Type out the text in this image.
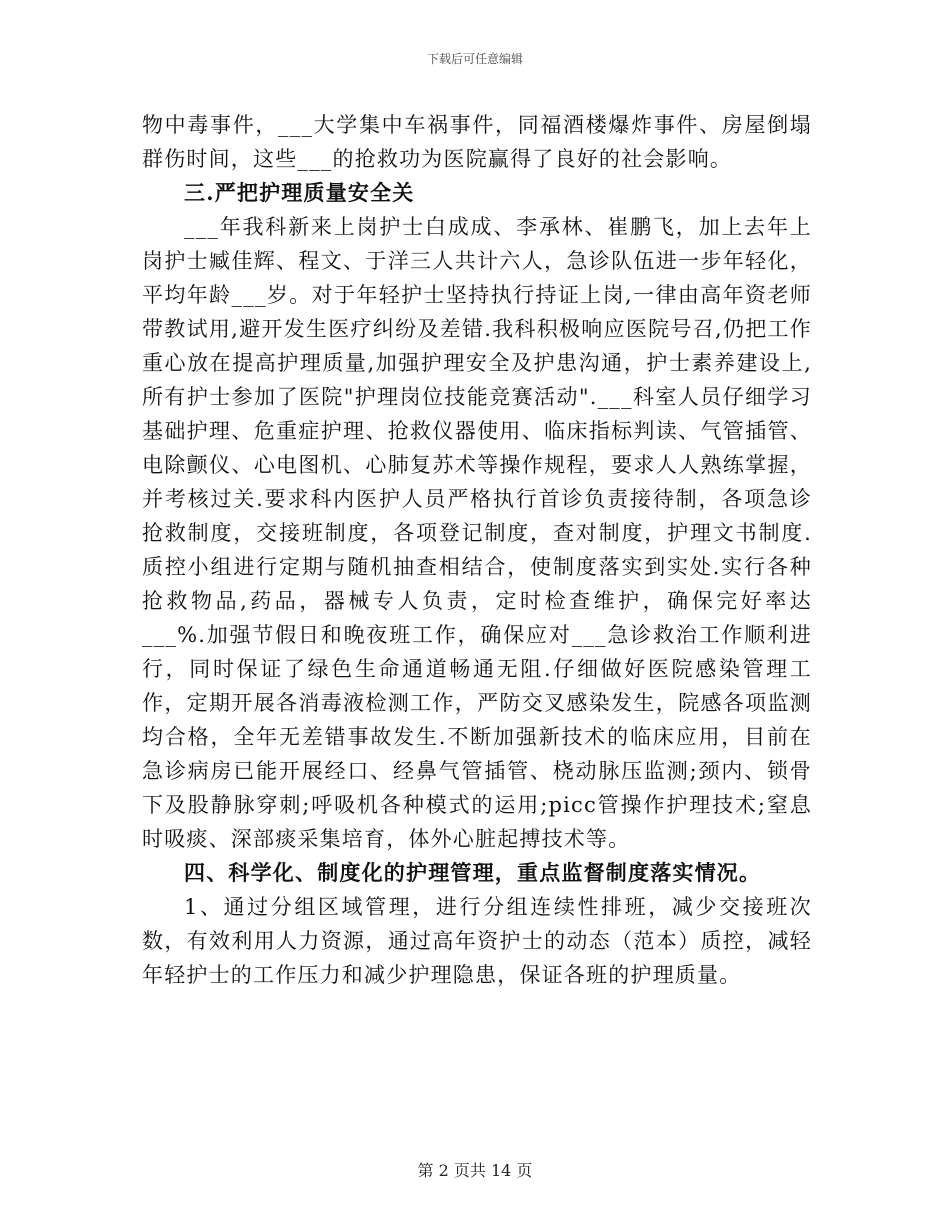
下载后可任意编辑

物中毒事件，___大学集中车祸事件，同福酒楼爆炸事件、房屋倒塌群伤时间，这些___的抢救功为医院赢得了良好的社会影响。

三.严把护理质量安全关

___年我科新来上岗护士白成成、李承林、崔鹏飞，加上去年上岗护士臧佳辉、程文、于洋三人共计六人，急诊队伍进一步年轻化，平均年龄___岁。对于年轻护士坚持执行持证上岗,一律由高年资老师带教试用,避开发生医疗纠纷及差错.我科积极响应医院号召,仍把工作重心放在提高护理质量,加强护理安全及护患沟通，护士素养建设上,所有护士参加了医院"护理岗位技能竞赛活动".___科室人员仔细学习基础护理、危重症护理、抢救仪器使用、临床指标判读、气管插管、电除颤仪、心电图机、心肺复苏术等操作规程，要求人人熟练掌握，并考核过关.要求科内医护人员严格执行首诊负责接待制，各项急诊抢救制度，交接班制度，各项登记制度，查对制度，护理文书制度.质控小组进行定期与随机抽查相结合，使制度落实到实处.实行各种抢救物品,药品，器械专人负责，定时检查维护，确保完好率达___%.加强节假日和晚夜班工作，确保应对___急诊救治工作顺利进行，同时保证了绿色生命通道畅通无阻.仔细做好医院感染管理工作，定期开展各消毒液检测工作，严防交叉感染发生，院感各项监测均合格，全年无差错事故发生.不断加强新技术的临床应用，目前在急诊病房已能开展经口、经鼻气管插管、桡动脉压监测;颈内、锁骨下及股静脉穿刺;呼吸机各种模式的运用;picc管操作护理技术;窒息时吸痰、深部痰采集培育，体外心脏起搏技术等。

四、科学化、制度化的护理管理，重点监督制度落实情况。

1、通过分组区域管理，进行分组连续性排班，减少交接班次数，有效利用人力资源，通过高年资护士的动态（范本）质控，减轻年轻护士的工作压力和减少护理隐患，保证各班的护理质量。

第 2 页共 14 页
